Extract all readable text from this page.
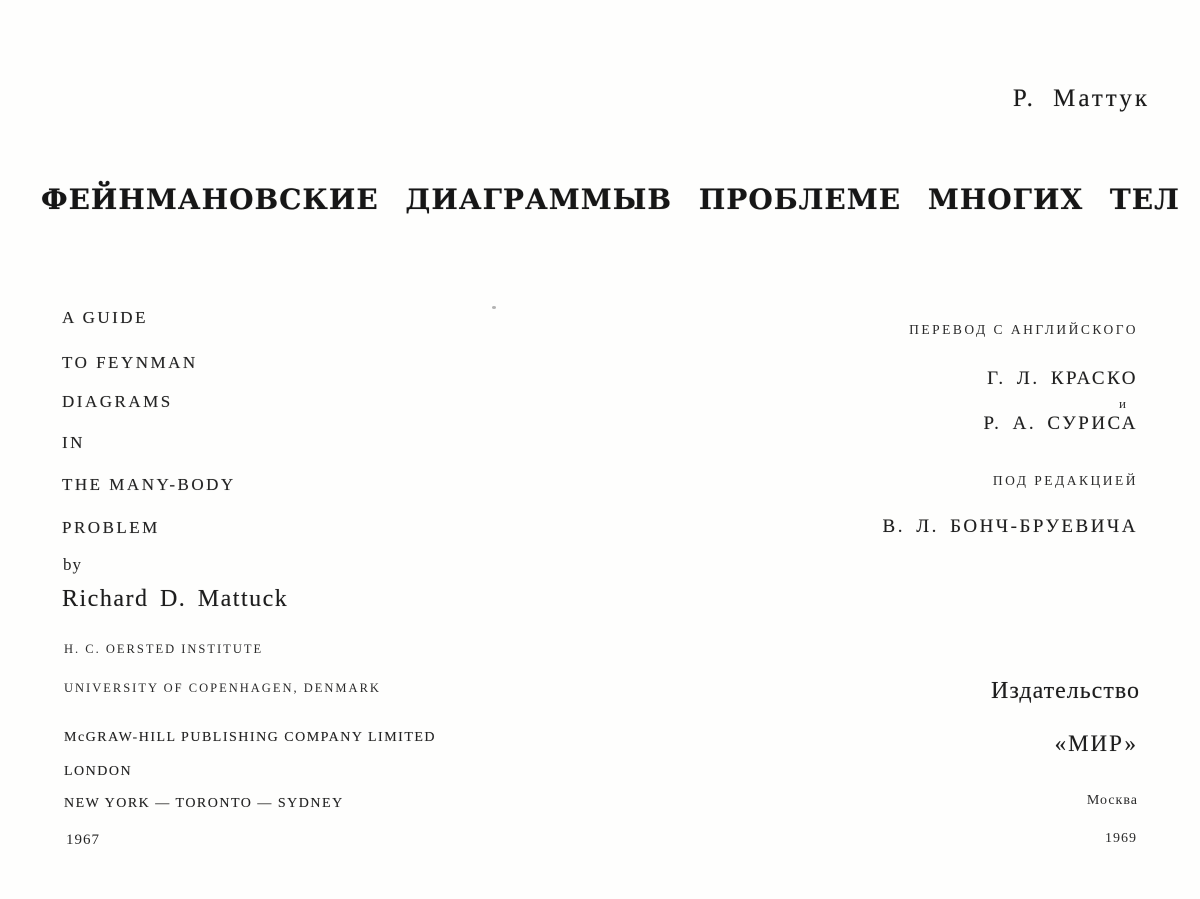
Р. Маттук
ФЕЙНМАНОВСКИЕ ДИАГРАММЫ В ПРОБЛЕМЕ МНОГИХ ТЕЛ
A GUIDE
TO FEYNMAN
DIAGRAMS
IN
THE MANY-BODY
PROBLEM
by
Richard D. Mattuck
H. C. OERSTED INSTITUTE
UNIVERSITY OF COPENHAGEN, DENMARK
McGRAW-HILL PUBLISHING COMPANY LIMITED
LONDON
NEW YORK — TORONTO — SYDNEY
1967
ПЕРЕВОД С АНГЛИЙСКОГО
Г. Л. КРАСКО
и
Р. А. СУРИСА
ПОД РЕДАКЦИЕЙ
В. Л. БОНЧ-БРУЕВИЧА
Издательство
«МИР»
Москва
1969
